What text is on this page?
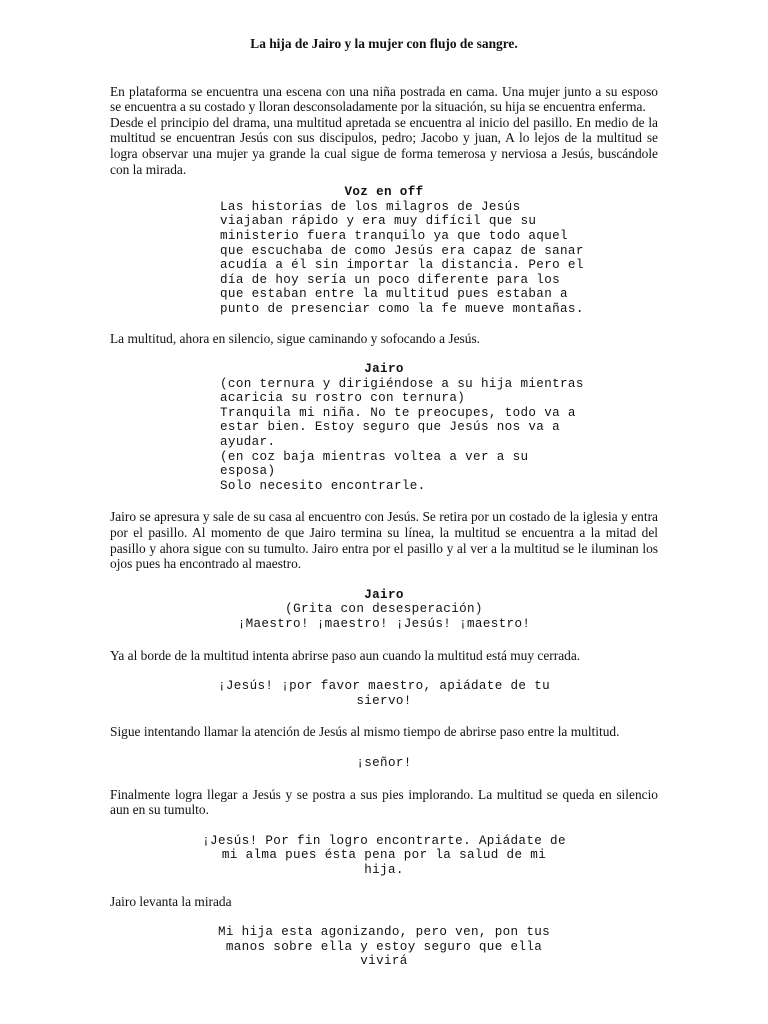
La hija de Jairo y la mujer con flujo de sangre.

En plataforma se encuentra una escena con una niña postrada en cama. Una mujer junto a su esposo se encuentra a su costado y lloran desconsoladamente por la situación, su hija se encuentra enferma.

Desde el principio del drama, una multitud apretada se encuentra al inicio del pasillo. En medio de la multitud se encuentran Jesús con sus discipulos, pedro; Jacobo y juan, A lo lejos de la multitud se logra observar una mujer ya grande la cual sigue de forma temerosa y nerviosa a Jesús, buscándole con la mirada.

Voz en off
Las historias de los milagros de Jesús
viajaban rápido y era muy difícil que su
ministerio fuera tranquilo ya que todo aquel
que escuchaba de como Jesús era capaz de sanar
acudía a él sin importar la distancia. Pero el
día de hoy sería un poco diferente para los
que estaban entre la multitud pues estaban a
punto de presenciar como la fe mueve montañas.

La multitud, ahora en silencio, sigue caminando y sofocando a Jesús.

Jairo
(con ternura y dirigiéndose a su hija mientras
acaricia su rostro con ternura)
Tranquila mi niña. No te preocupes, todo va a
estar bien. Estoy seguro que Jesús nos va a
ayudar.
(en coz baja mientras voltea a ver a su
esposa)
Solo necesito encontrarle.

Jairo se apresura y sale de su casa al encuentro con Jesús. Se retira por un costado de la iglesia y entra por el pasillo. Al momento de que Jairo termina su línea, la multitud se encuentra a la mitad del pasillo y ahora sigue con su tumulto. Jairo entra por el pasillo y al ver a la multitud se le iluminan los ojos pues ha encontrado al maestro.

Jairo
(Grita con desesperación)
¡Maestro! ¡maestro! ¡Jesús! ¡maestro!

Ya al borde de la multitud intenta abrirse paso aun cuando la multitud está muy cerrada.

¡Jesús! ¡por favor maestro, apiádate de tu
siervo!

Sigue intentando llamar la atención de Jesús al mismo tiempo de abrirse paso entre la multitud.

¡señor!

Finalmente logra llegar a Jesús y se postra a sus pies implorando. La multitud se queda en silencio aun en su tumulto.

¡Jesús! Por fin logro encontrarte. Apiádate de
mi alma pues ésta pena por la salud de mi
hija.

Jairo levanta la mirada

Mi hija esta agonizando, pero ven, pon tus
manos sobre ella y estoy seguro que ella
vivirá
